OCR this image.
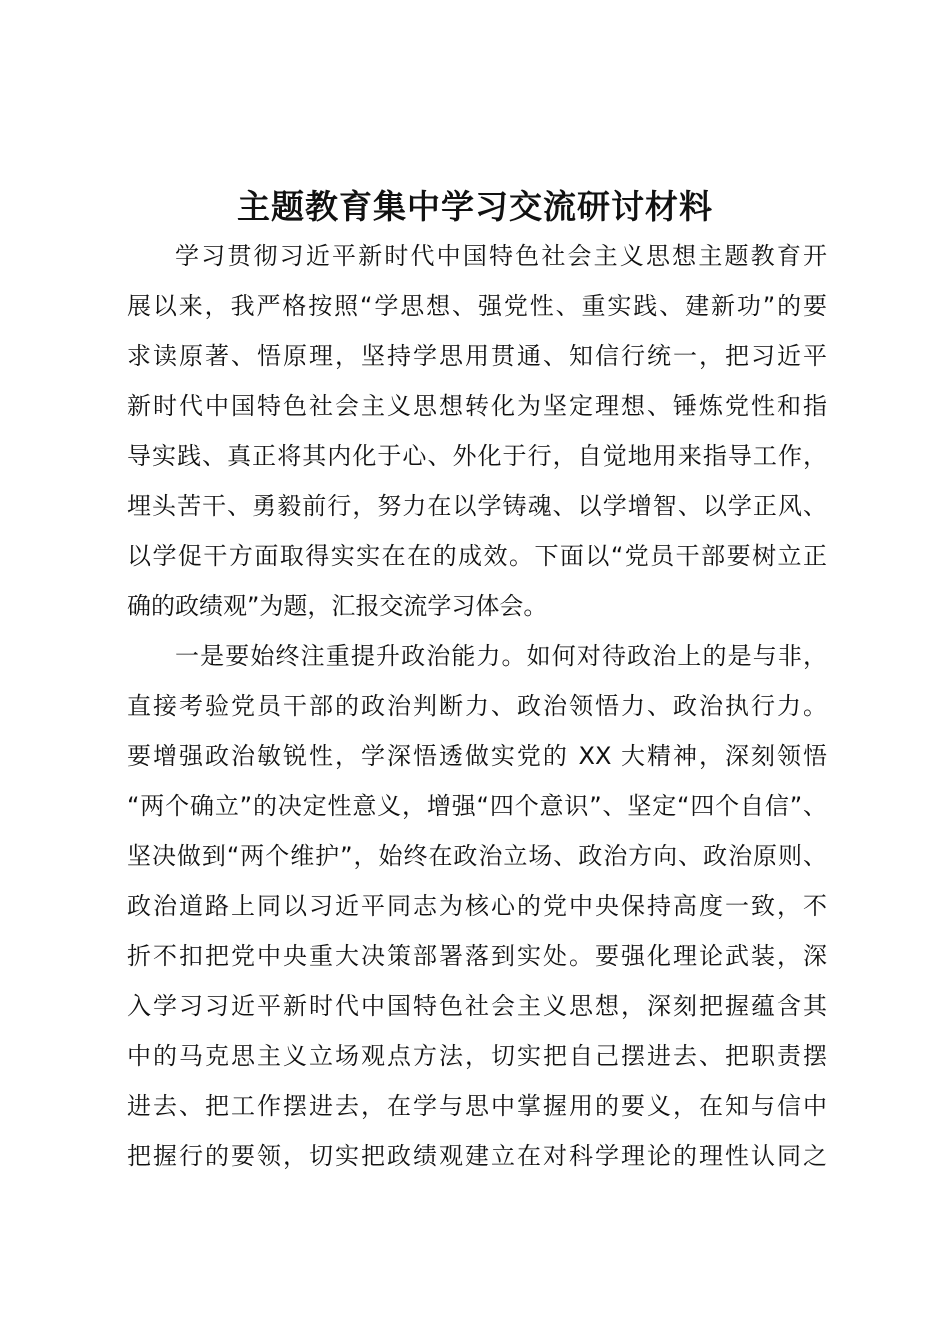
主题教育集中学习交流研讨材料
学习贯彻习近平新时代中国特色社会主义思想主题教育开
展以来，我严格按照“学思想、强党性、重实践、建新功”的要
求读原著、悟原理，坚持学思用贯通、知信行统一，把习近平
新时代中国特色社会主义思想转化为坚定理想、锤炼党性和指
导实践、真正将其内化于心、外化于行，自觉地用来指导工作，
埋头苦干、勇毅前行，努力在以学铸魂、以学增智、以学正风、
以学促干方面取得实实在在的成效。下面以“党员干部要树立正
确的政绩观”为题，汇报交流学习体会。
一是要始终注重提升政治能力。如何对待政治上的是与非，
直接考验党员干部的政治判断力、政治领悟力、政治执行力。
要增强政治敏锐性，学深悟透做实党的 XX 大精神，深刻领悟
“两个确立”的决定性意义，增强“四个意识”、坚定“四个自信”、
坚决做到“两个维护”，始终在政治立场、政治方向、政治原则、
政治道路上同以习近平同志为核心的党中央保持高度一致，不
折不扣把党中央重大决策部署落到实处。要强化理论武装，深
入学习习近平新时代中国特色社会主义思想，深刻把握蕴含其
中的马克思主义立场观点方法，切实把自己摆进去、把职责摆
进去、把工作摆进去，在学与思中掌握用的要义，在知与信中
把握行的要领，切实把政绩观建立在对科学理论的理性认同之
